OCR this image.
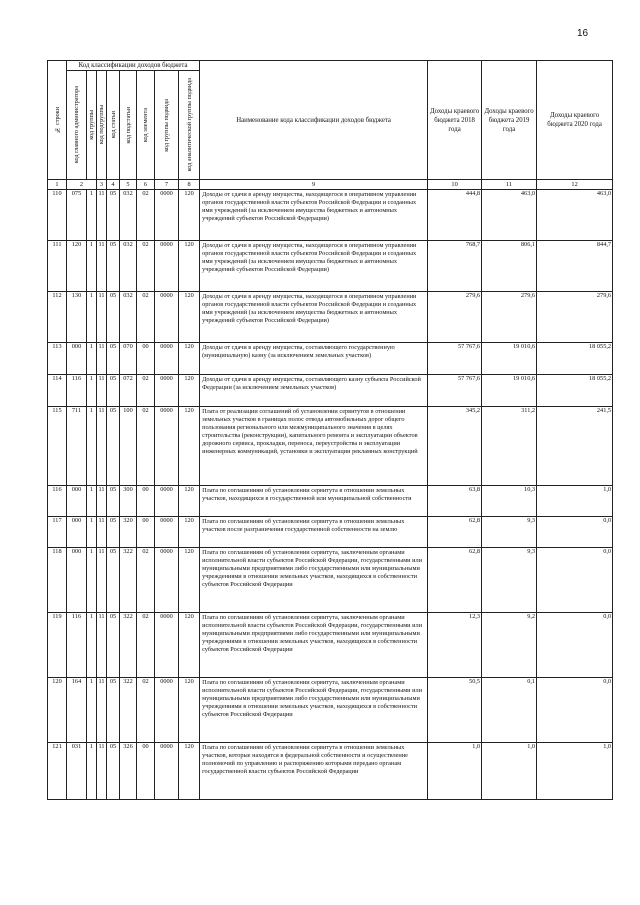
16
№ строки	Код классификации доходов бюджета								Наименование кода классификации доходов бюджета	Доходы краевого бюджета 2018 года	Доходы краевого бюджета 2019 года	Доходы краевого бюджета 2020 года

	код главного администратора	код группы	код подгруппы	код статьи	код подстатьи	код элемента	код группы подвида	код аналитической группы подвида				

1	2		3	4	5	6	7	8	9	10	11	12
110	075	1	11	05	032	02	0000	120	Доходы от сдачи в аренду имущества, находящегося в оперативном управлении органов государственной власти субъектов Российской Федерации и созданных ими учреждений (за исключением имущества бюджетных и автономных учреждений субъектов Российской Федерации)	444,8	463,0	463,0
111	120	1	11	05	032	02	0000	120	Доходы от сдачи в аренду имущества, находящегося в оперативном управлении органов государственной власти субъектов Российской Федерации и созданных ими учреждений (за исключением имущества бюджетных и автономных учреждений субъектов Российской Федерации)	768,7	806,1	844,7
112	130	1	11	05	032	02	0000	120	Доходы от сдачи в аренду имущества, находящегося в оперативном управлении органов государственной власти субъектов Российской Федерации и созданных ими учреждений (за исключением имущества бюджетных и автономных учреждений субъектов Российской Федерации)	279,6	279,6	279,6
113	000	1	11	05	070	00	0000	120	Доходы от сдачи в аренду имущества, составляющего государственную (муниципальную) казну (за исключением земельных участков)	57 767,6	19 010,6	18 055,2
114	116	1	11	05	072	02	0000	120	Доходы от сдачи в аренду имущества, составляющего казну субъекта Российской Федерации (за исключением земельных участков)	57 767,6	19 010,6	18 055,2
115	711	1	11	05	100	02	0000	120	Плата от реализации соглашений об установлении сервитутов в отношении земельных участков в границах полос отвода автомобильных дорог общего пользования регионального или межмуниципального значения в целях строительства (реконструкции), капитального ремонта и эксплуатации объектов дорожного сервиса, прокладки, переноса, переустройства и эксплуатации инженерных коммуникаций, установки и эксплуатации рекламных конструкций	345,2	311,2	241,5
116	000	1	11	05	300	00	0000	120	Плата по соглашениям об установлении сервитута в отношении земельных участков, находящихся в государственной или муниципальной собственности	63,8	10,3	1,0
117	000	1	11	05	320	00	0000	120	Плата по соглашениям об установлении сервитута в отношении земельных участков после разграничения государственной собственности на землю	62,8	9,3	0,0
118	000	1	11	05	322	02	0000	120	Плата по соглашениям об установлении сервитута, заключенным органами исполнительной власти субъектов Российской Федерации, государственными или муниципальными предприятиями либо государственными или муниципальными учреждениями в отношении земельных участков, находящихся в собственности субъектов Российской Федерации	62,8	9,3	0,0
119	116	1	11	05	322	02	0000	120	Плата по соглашениям об установлении сервитута, заключенным органами исполнительной власти субъектов Российской Федерации, государственными или муниципальными предприятиями либо государственными или муниципальными учреждениями в отношении земельных участков, находящихся в собственности субъектов Российской Федерации	12,3	9,2	0,0
120	164	1	11	05	322	02	0000	120	Плата по соглашениям об установлении сервитута, заключенным органами исполнительной власти субъектов Российской Федерации, государственными или муниципальными предприятиями либо государственными или муниципальными учреждениями в отношении земельных участков, находящихся в собственности субъектов Российской Федерации	50,5	0,1	0,0
121	031	1	11	05	326	00	0000	120	Плата по соглашениям об установлении сервитута в отношении земельных участков, которые находятся в федеральной собственности и осуществление полномочий по управлению и распоряжению которыми передано органам государственной власти субъектов Российской Федерации	1,0	1,0	1,0
